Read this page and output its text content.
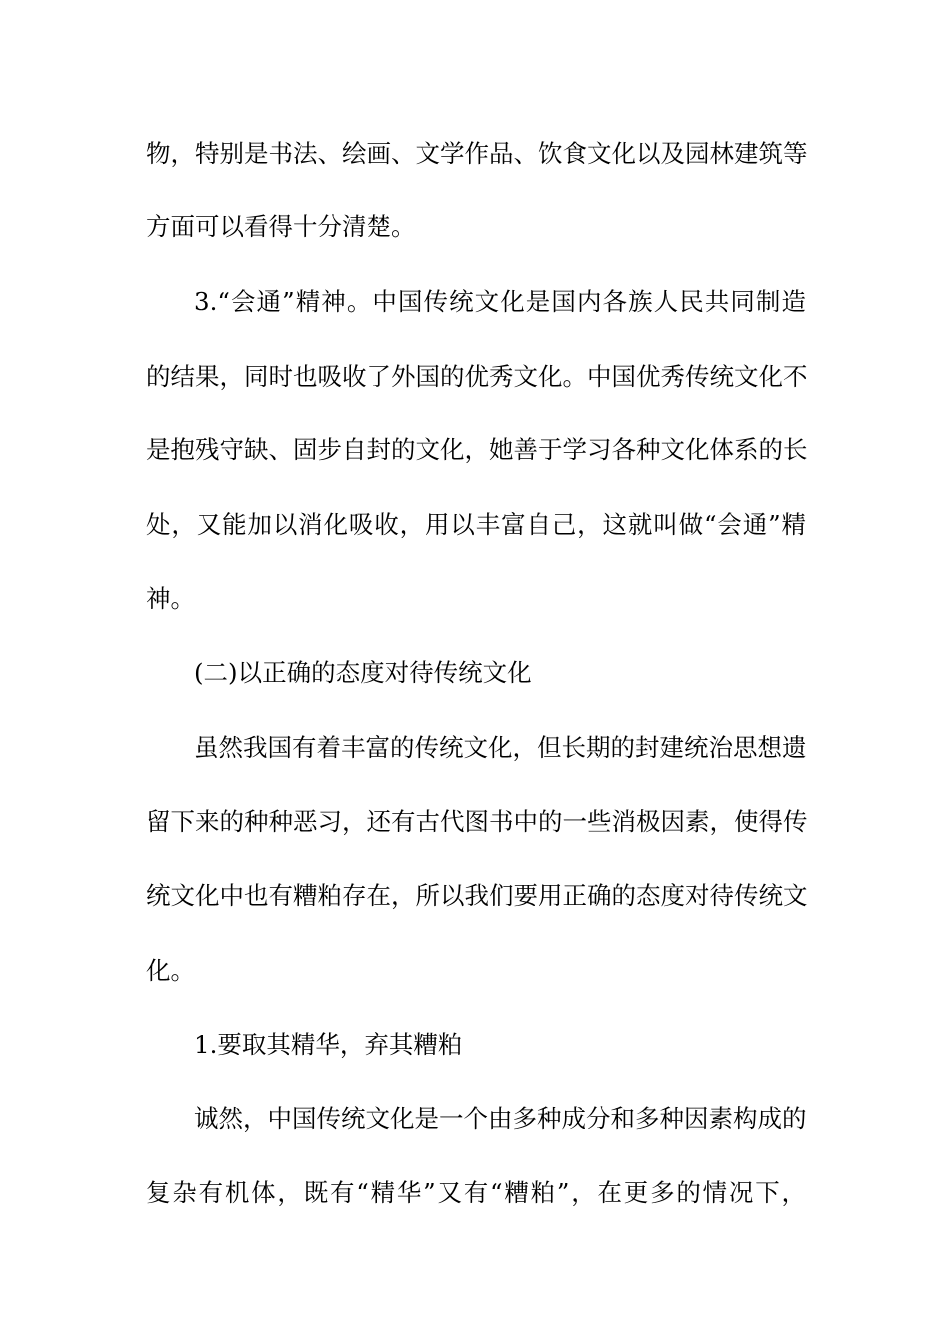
物，特别是书法、绘画、文学作品、饮食文化以及园林建筑等

方面可以看得十分清楚。

3.“会通”精神。中国传统文化是国内各族人民共同制造

的结果，同时也吸收了外国的优秀文化。中国优秀传统文化不

是抱残守缺、固步自封的文化，她善于学习各种文化体系的长

处，又能加以消化吸收，用以丰富自己，这就叫做“会通”精

神。

(二)以正确的态度对待传统文化

虽然我国有着丰富的传统文化，但长期的封建统治思想遗

留下来的种种恶习，还有古代图书中的一些消极因素，使得传

统文化中也有糟粕存在，所以我们要用正确的态度对待传统文

化。

1.要取其精华，弃其糟粕

诚然，中国传统文化是一个由多种成分和多种因素构成的

复杂有机体，既有“精华”又有“糟粕”，在更多的情况下，
